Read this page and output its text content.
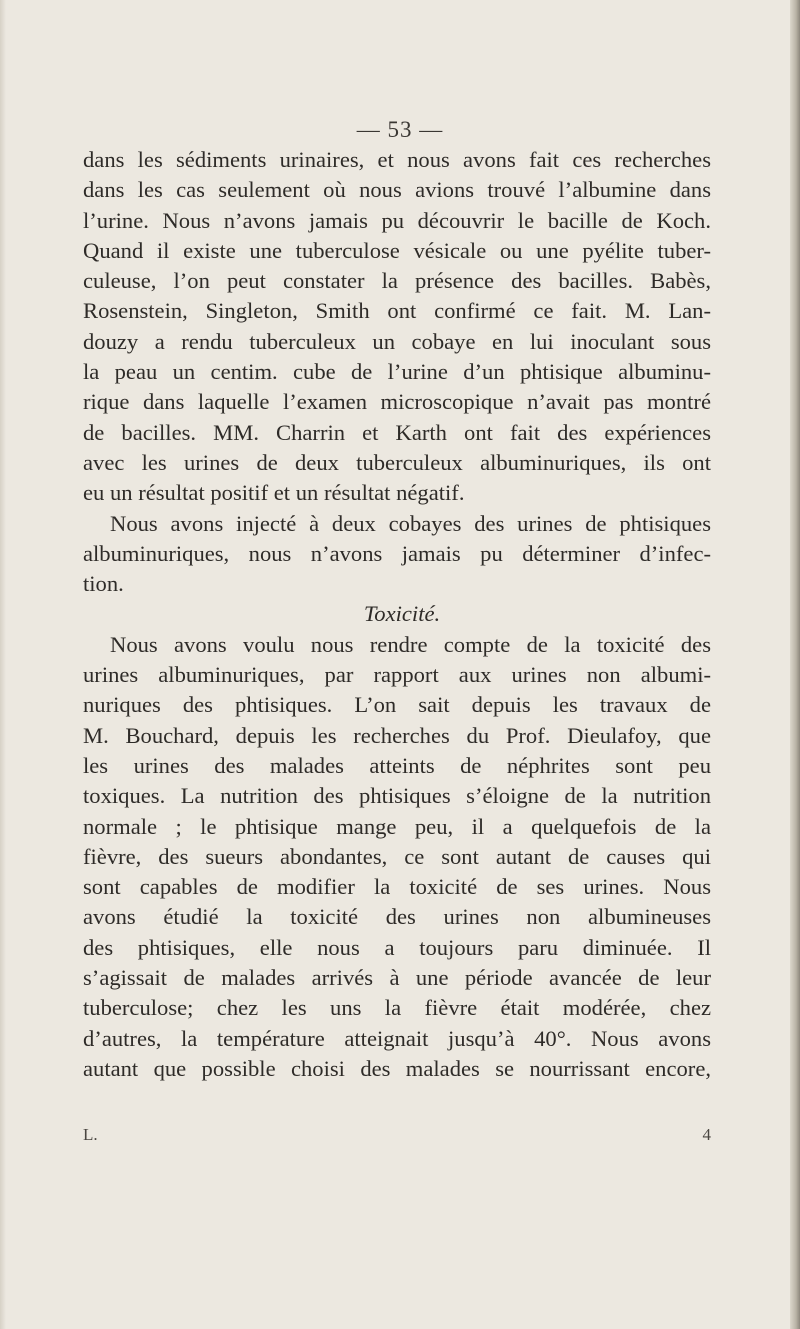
— 53 —
dans les sédiments urinaires, et nous avons fait ces recherches
dans les cas seulement où nous avions trouvé l’albumine dans
l’urine. Nous n’avons jamais pu découvrir le bacille de Koch.
Quand il existe une tuberculose vésicale ou une pyélite tuber-
culeuse, l’on peut constater la présence des bacilles. Babès,
Rosenstein, Singleton, Smith ont confirmé ce fait. M. Lan-
douzy a rendu tuberculeux un cobaye en lui inoculant sous
la peau un centim. cube de l’urine d’un phtisique albuminu-
rique dans laquelle l’examen microscopique n’avait pas montré
de bacilles. MM. Charrin et Karth ont fait des expériences
avec les urines de deux tuberculeux albuminuriques, ils ont
eu un résultat positif et un résultat négatif.
Nous avons injecté à deux cobayes des urines de phtisiques
albuminuriques, nous n’avons jamais pu déterminer d’infec-
tion.
Toxicité.
Nous avons voulu nous rendre compte de la toxicité des
urines albuminuriques, par rapport aux urines non albumi-
nuriques des phtisiques. L’on sait depuis les travaux de
M. Bouchard, depuis les recherches du Prof. Dieulafoy, que
les urines des malades atteints de néphrites sont peu
toxiques. La nutrition des phtisiques s’éloigne de la nutrition
normale ; le phtisique mange peu, il a quelquefois de la
fièvre, des sueurs abondantes, ce sont autant de causes qui
sont capables de modifier la toxicité de ses urines. Nous
avons étudié la toxicité des urines non albumineuses
des phtisiques, elle nous a toujours paru diminuée. Il
s’agissait de malades arrivés à une période avancée de leur
tuberculose; chez les uns la fièvre était modérée, chez
d’autres, la température atteignait jusqu’à 40°. Nous avons
autant que possible choisi des malades se nourrissant encore,
L.	4
